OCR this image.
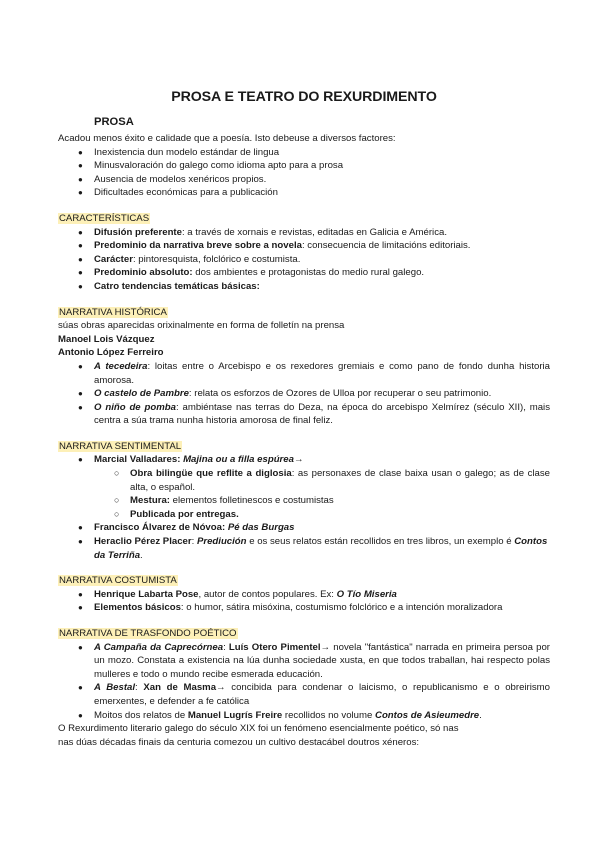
PROSA E TEATRO DO REXURDIMENTO
PROSA

Acadou menos éxito e calidade que a poesía. Isto debeuse a diversos factores:

● Inexistencia dun modelo estándar de lingua
● Minusvaloración do galego como idioma apto para a prosa
● Ausencia de modelos xenéricos propios.
● Dificultades económicas para a publicación

CARACTERÍSTICAS

● Difusión preferente: a través de xornais e revistas, editadas en Galicia e América.
● Predominio da narrativa breve sobre a novela: consecuencia de limitacións editoriais.
● Carácter: pintoresquista, folclórico e costumista.
● Predominio absoluto: dos ambientes e protagonistas do medio rural galego.
● Catro tendencias temáticas básicas:

NARRATIVA HISTÓRICA

súas obras aparecidas orixinalmente en forma de folletín na prensa

Manoel Lois Vázquez

Antonio López Ferreiro

● A tecedeira: loitas entre o Arcebispo e os rexedores gremiais e como pano de fondo dunha historia amorosa.
● O castelo de Pambre: relata os esforzos de Ozores de Ulloa por recuperar o seu patrimonio.
● O niño de pomba: ambiéntase nas terras do Deza, na época do arcebispo Xelmírez (século XII), mais centra a súa trama nunha historia amorosa de final feliz.

NARRATIVA SENTIMENTAL

● Marcial Valladares: Majina ou a filla espúrea→
○ Obra bilingüe que reflite a diglosia: as personaxes de clase baixa usan o galego; as de clase alta, o español.
○ Mestura: elementos folletinescos e costumistas
○ Publicada por entregas.
● Francisco Álvarez de Nóvoa: Pé das Burgas
● Heraclio Pérez Placer: Prediución e os seus relatos están recollidos en tres libros, un exemplo é Contos da Terriña.

NARRATIVA COSTUMISTA

● Henrique Labarta Pose, autor de contos populares. Ex: O Tío Miseria
● Elementos básicos: o humor, sátira misóxina, costumismo folclórico e a intención moralizadora

NARRATIVA DE TRASFONDO POÉTICO

● A Campaña da Caprecórnea: Luís Otero Pimentel→ novela "fantástica" narrada en primeira persoa por un mozo. Constata a existencia na lúa dunha sociedade xusta, en que todos traballan, hai respecto polas mulleres e todo o mundo recibe esmerada educación.
● A Bestal: Xan de Masma→ concibida para condenar o laicismo, o republicanismo e o obreirismo emerxentes, e defender a fe católica
● Moitos dos relatos de Manuel Lugrís Freire recollidos no volume Contos de Asieumedre.

O Rexurdimento literario galego do século XIX foi un fenómeno esencialmente poético, só nas

nas dúas décadas finais da centuria comezou un cultivo destacábel doutros xéneros:
